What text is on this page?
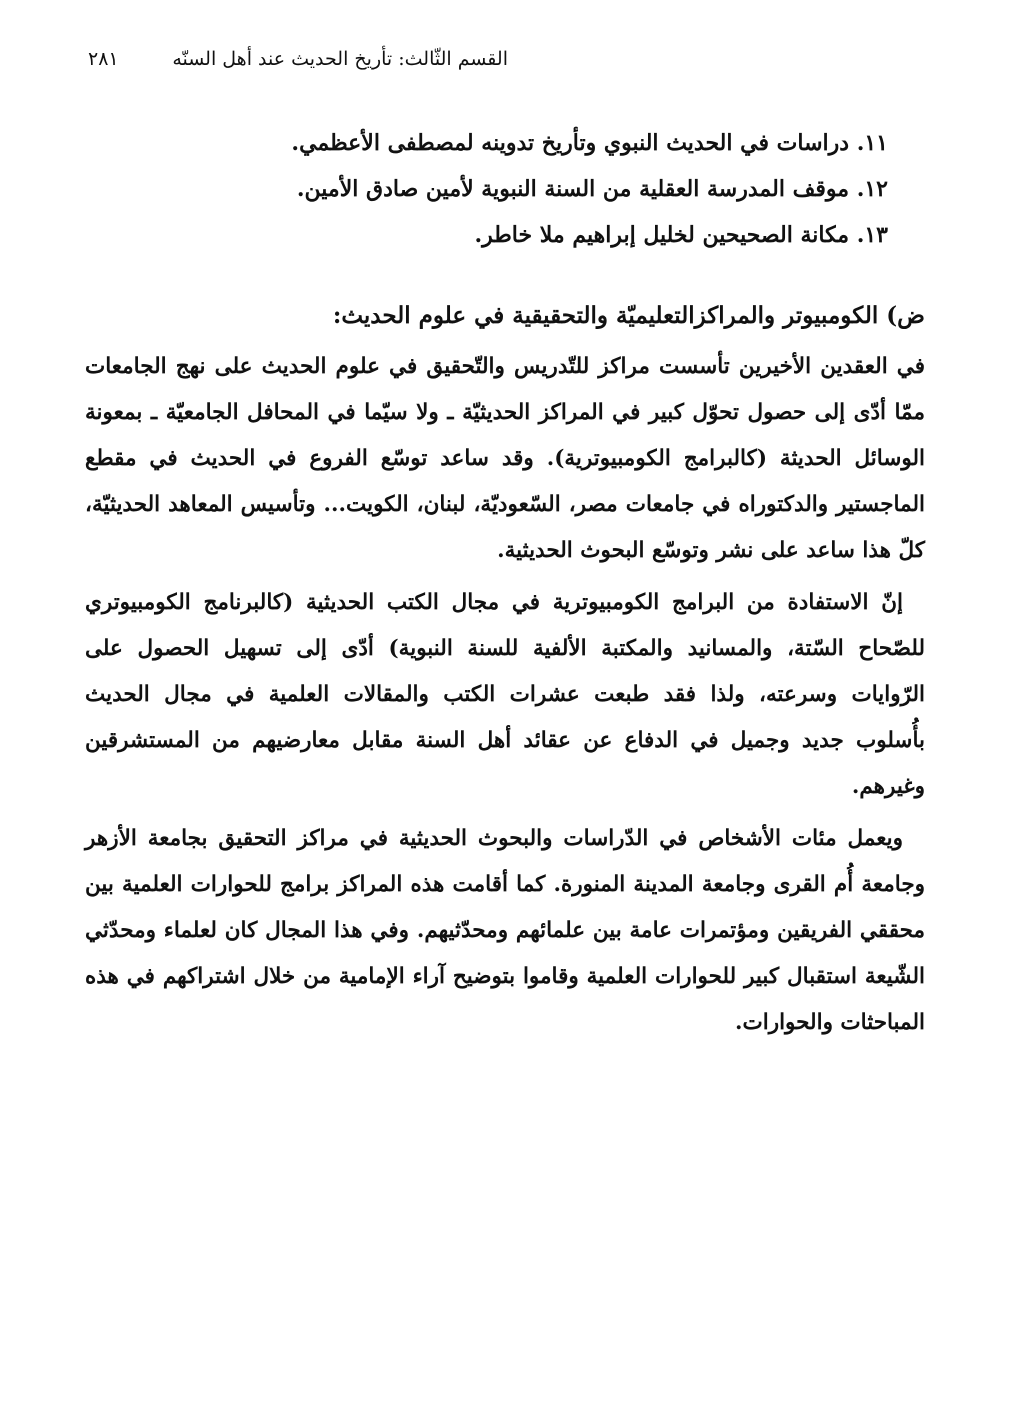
القسم الثّالث: تأريخ الحديث عند أهل السنّه
٢٨١
١١. دراسات في الحديث النبوي وتأريخ تدوينه لمصطفى الأعظمي.
١٢. موقف المدرسة العقلية من السنة النبوية لأمين صادق الأمين.
١٣. مكانة الصحيحين لخليل إبراهيم ملا خاطر.
ض) الكومبيوتر والمراكزالتعليميّة والتحقيقية في علوم الحديث:

في العقدين الأخيرين تأسست مراكز للتّدريس والتّحقيق في علوم الحديث على نهج الجامعات ممّا أدّى إلى حصول تحوّل كبير في المراكز الحديثيّة ـ ولا سيّما في المحافل الجامعيّة ـ بمعونة الوسائل الحديثة (كالبرامج الكومبيوترية). وقد ساعد توسّع الفروع في الحديث في مقطع الماجستير والدكتوراه في جامعات مصر، السّعوديّة، لبنان، الكويت... وتأسيس المعاهد الحديثيّة، كلّ هذا ساعد على نشر وتوسّع البحوث الحديثية.

إنّ الاستفادة من البرامج الكومبيوترية في مجال الكتب الحديثية (كالبرنامج الكومبيوتري للصّحاح السّتة، والمسانيد والمكتبة الألفية للسنة النبوية) أدّى إلى تسهيل الحصول على الرّوايات وسرعته، ولذا فقد طبعت عشرات الكتب والمقالات العلمية في مجال الحديث بأُسلوب جديد وجميل في الدفاع عن عقائد أهل السنة مقابل معارضيهم من المستشرقين وغيرهم.

ويعمل مئات الأشخاص في الدّراسات والبحوث الحديثية في مراكز التحقيق بجامعة الأزهر وجامعة أُم القرى وجامعة المدينة المنورة. كما أقامت هذه المراكز برامج للحوارات العلمية بين محققي الفريقين ومؤتمرات عامة بين علمائهم ومحدّثيهم. وفي هذا المجال كان لعلماء ومحدّثي الشّيعة استقبال كبير للحوارات العلمية وقاموا بتوضيح آراء الإمامية من خلال اشتراكهم في هذه المباحثات والحوارات.
